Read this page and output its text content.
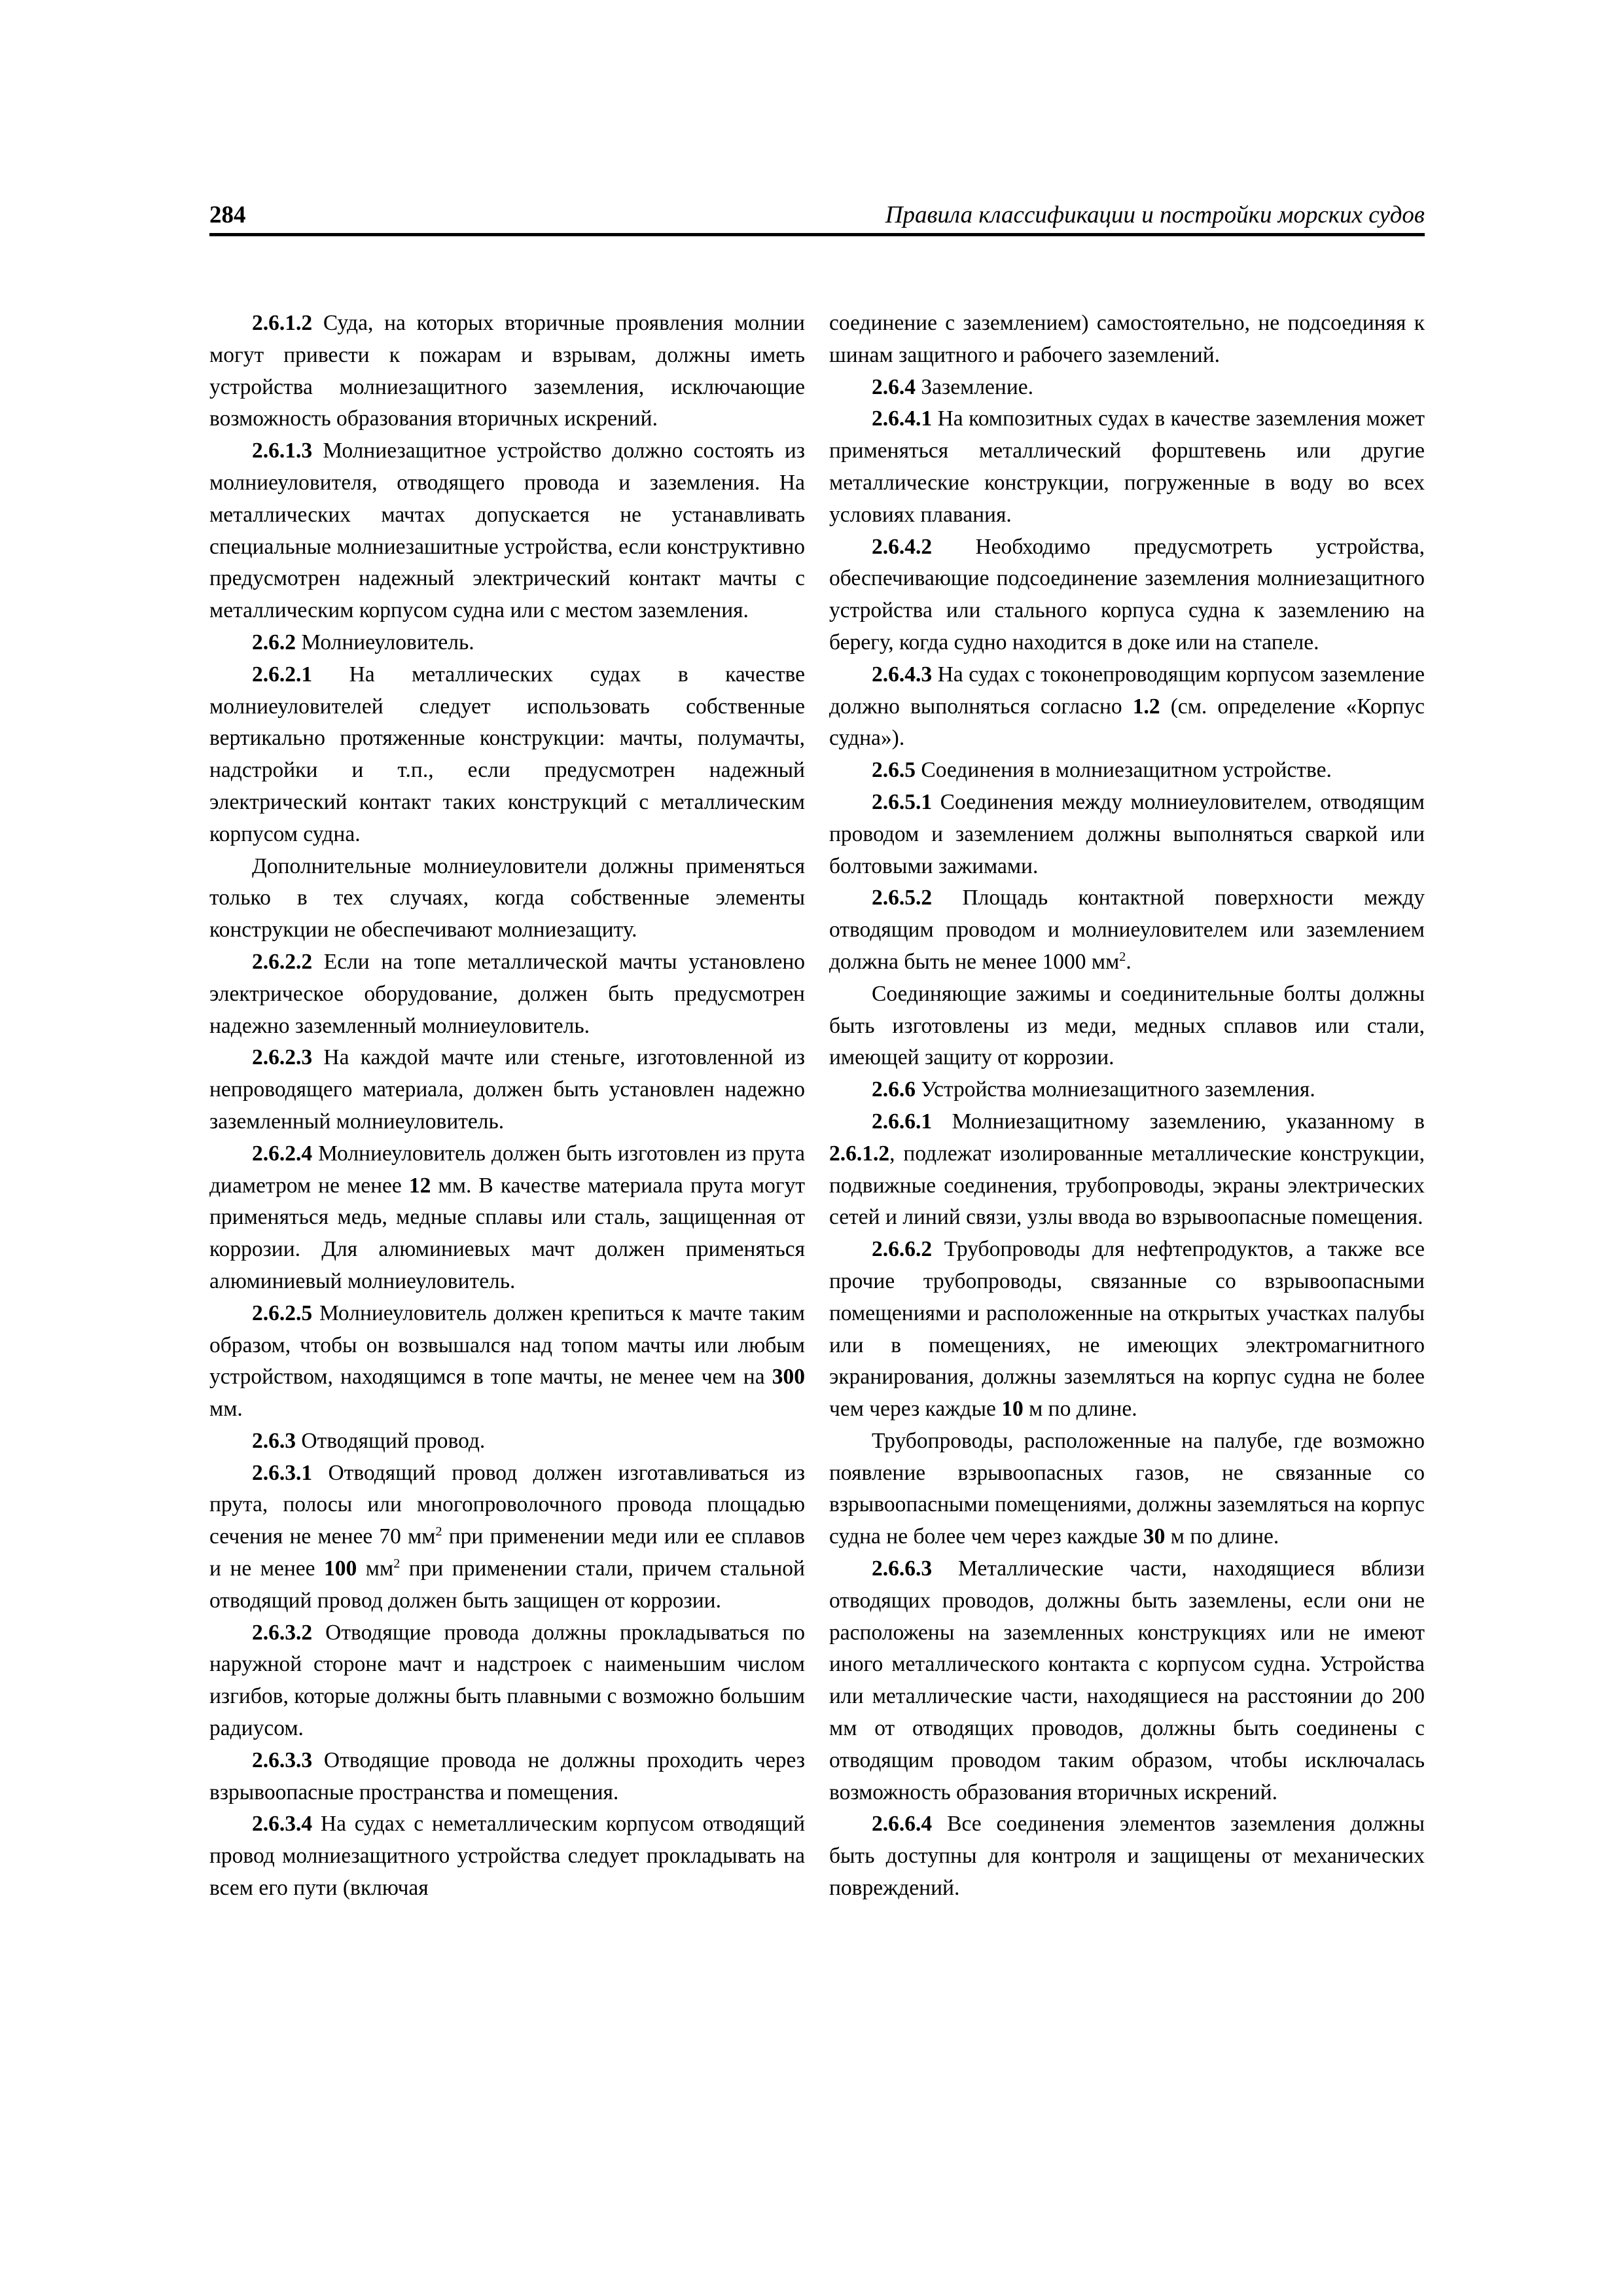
284	Правила классификации и постройки морских судов

2.6.1.2 Суда, на которых вторичные проявления молнии могут привести к пожарам и взрывам, должны иметь устройства молниезащитного заземления, исключающие возможность образования вторичных искрений.

2.6.1.3 Молниезащитное устройство должно состоять из молниеуловителя, отводящего провода и заземления. На металлических мачтах допускается не устанавливать специальные молниезашитные устройства, если конструктивно предусмотрен надежный электрический контакт мачты с металлическим корпусом судна или с местом заземления.

2.6.2 Молниеуловитель.

2.6.2.1 На металлических судах в качестве молниеуловителей следует использовать собственные вертикально протяженные конструкции: мачты, полумачты, надстройки и т.п., если предусмотрен надежный электрический контакт таких конструкций с металлическим корпусом судна.

Дополнительные молниеуловители должны применяться только в тех случаях, когда собственные элементы конструкции не обеспечивают молниезащиту.

2.6.2.2 Если на топе металлической мачты установлено электрическое оборудование, должен быть предусмотрен надежно заземленный молниеуловитель.

2.6.2.3 На каждой мачте или стеньге, изготовленной из непроводящего материала, должен быть установлен надежно заземленный молниеуловитель.

2.6.2.4 Молниеуловитель должен быть изготовлен из прута диаметром не менее 12 мм. В качестве материала прута могут применяться медь, медные сплавы или сталь, защищенная от коррозии. Для алюминиевых мачт должен применяться алюминиевый молниеуловитель.

2.6.2.5 Молниеуловитель должен крепиться к мачте таким образом, чтобы он возвышался над топом мачты или любым устройством, находящимся в топе мачты, не менее чем на 300 мм.

2.6.3 Отводящий провод.

2.6.3.1 Отводящий провод должен изготавливаться из прута, полосы или многопроволочного провода площадью сечения не менее 70 $мм^2$ при применении меди или ее сплавов и не менее 100 $мм^2$ при применении стали, причем стальной отводящий провод должен быть защищен от коррозии.

2.6.3.2 Отводящие провода должны прокладываться по наружной стороне мачт и надстроек с наименьшим числом изгибов, которые должны быть плавными с возможно большим радиусом.

2.6.3.3 Отводящие провода не должны проходить через взрывоопасные пространства и помещения.

2.6.3.4 На судах с неметаллическим корпусом отводящий провод молниезащитного устройства следует прокладывать на всем его пути (включая

соединение с заземлением) самостоятельно, не подсоединяя к шинам защитного и рабочего заземлений.

2.6.4 Заземление.

2.6.4.1 На композитных судах в качестве заземления может применяться металлический форштевень или другие металлические конструкции, погруженные в воду во всех условиях плавания.

2.6.4.2 Необходимо предусмотреть устройства, обеспечивающие подсоединение заземления молниезащитного устройства или стального корпуса судна к заземлению на берегу, когда судно находится в доке или на стапеле.

2.6.4.3 На судах с токонепроводящим корпусом заземление должно выполняться согласно 1.2 (см. определение «Корпус судна»).

2.6.5 Соединения в молниезащитном устройстве.

2.6.5.1 Соединения между молниеуловителем, отводящим проводом и заземлением должны выполняться сваркой или болтовыми зажимами.

2.6.5.2 Площадь контактной поверхности между отводящим проводом и молниеуловителем или заземлением должна быть не менее 1000 $мм^2$.

Соединяющие зажимы и соединительные болты должны быть изготовлены из меди, медных сплавов или стали, имеющей защиту от коррозии.

2.6.6 Устройства молниезащитного заземления.

2.6.6.1 Молниезащитному заземлению, указанному в 2.6.1.2, подлежат изолированные металлические конструкции, подвижные соединения, трубопроводы, экраны электрических сетей и линий связи, узлы ввода во взрывоопасные помещения.

2.6.6.2 Трубопроводы для нефтепродуктов, а также все прочие трубопроводы, связанные со взрывоопасными помещениями и расположенные на открытых участках палубы или в помещениях, не имеющих электромагнитного экранирования, должны заземляться на корпус судна не более чем через каждые 10 м по длине.

Трубопроводы, расположенные на палубе, где возможно появление взрывоопасных газов, не связанные со взрывоопасными помещениями, должны заземляться на корпус судна не более чем через каждые 30 м по длине.

2.6.6.3 Металлические части, находящиеся вблизи отводящих проводов, должны быть заземлены, если они не расположены на заземленных конструкциях или не имеют иного металлического контакта с корпусом судна. Устройства или металлические части, находящиеся на расстоянии до 200 мм от отводящих проводов, должны быть соединены с отводящим проводом таким образом, чтобы исключалась возможность образования вторичных искрений.

2.6.6.4 Все соединения элементов заземления должны быть доступны для контроля и защищены от механических повреждений.
